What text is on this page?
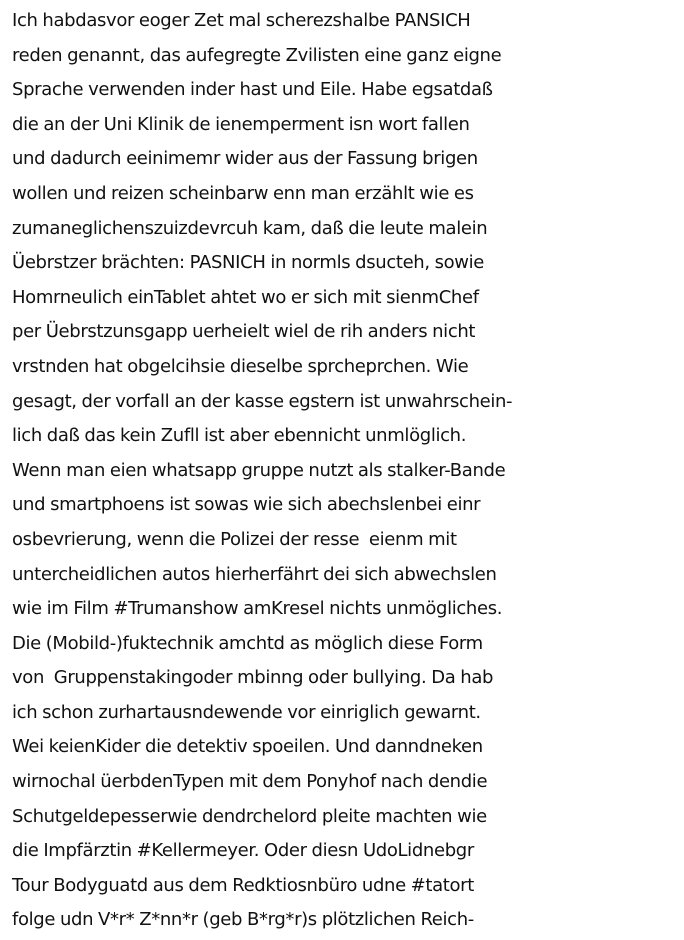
Ich habdasvor eoger Zet mal scherezshalbe PANSICH
reden genannt, das aufegregte Zvilisten eine ganz eigne
Sprache verwenden inder hast und Eile. Habe egsatdaß
die an der Uni Klinik de ienemperment isn wort fallen
und dadurch eeinimemr wider aus der Fassung brigen
wollen und reizen scheinbarw enn man erzählt wie es
zumaneglichenszuizdevrcuh kam, daß die leute malein
Üebrstzer brächten: PASNICH in normls dsucteh, sowie
Homrneulich einTablet ahtet wo er sich mit sienmChef
per Üebrstzunsgapp uerheielt wiel de rih anders nicht
vrstnden hat obgelcihsie dieselbe sprcheprchen. Wie
gesagt, der vorfall an der kasse egstern ist unwahrschein-
lich daß das kein Zufll ist aber ebennicht unmlöglich.
Wenn man eien whatsapp gruppe nutzt als stalker-Bande
und smartphoens ist sowas wie sich abechslenbei einr
osbevrierung, wenn die Polizei der resse  eienm mit
untercheidlichen autos hierherfährt dei sich abwechslen
wie im Film #Trumanshow amKresel nichts unmögliches.
Die (Mobild-)fuktechnik amchtd as möglich diese Form
von  Gruppenstakingoder mbinng oder bullying. Da hab
ich schon zurhartausndewende vor einriglich gewarnt.
Wei keienKider die detektiv spoeilen. Und danndneken
wirnochal üerbdenTypen mit dem Ponyhof nach dendie
Schutgeldepesserwie dendrchelord pleite machten wie
die Impfärztin #Kellermeyer. Oder diesn UdoLidnebgr
Tour Bodyguatd aus dem Redktiosnbüro udne #tatort
folge udn V*r* Z*nn*r (geb B*rg*r)s plötzlichen Reich-
